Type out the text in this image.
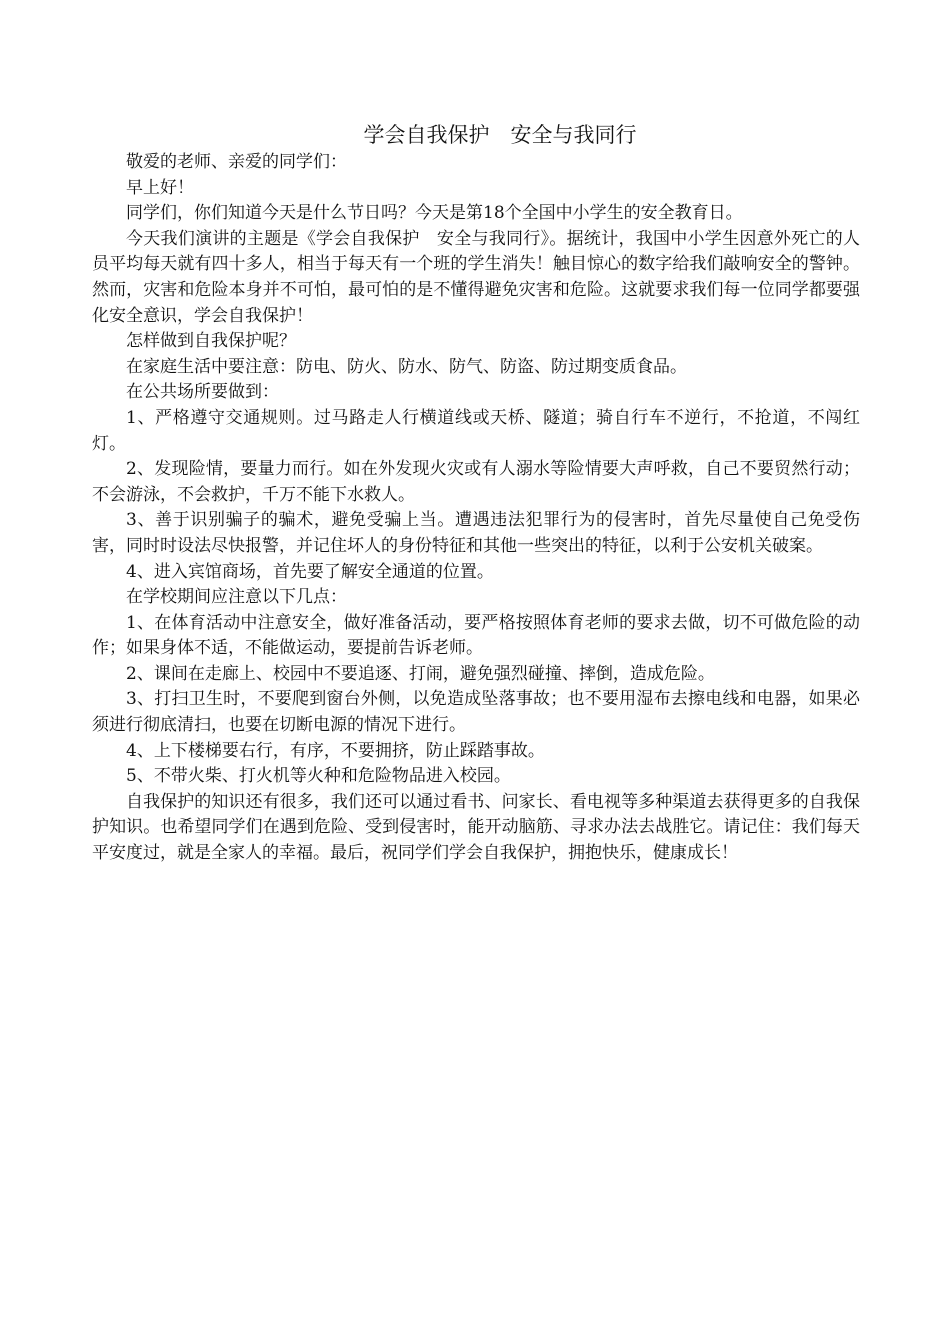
学会自我保护　安全与我同行

敬爱的老师、亲爱的同学们：

早上好！

同学们，你们知道今天是什么节日吗？今天是第18个全国中小学生的安全教育日。

今天我们演讲的主题是《学会自我保护　安全与我同行》。据统计，我国中小学生因意外死亡的人员平均每天就有四十多人，相当于每天有一个班的学生消失！触目惊心的数字给我们敲响安全的警钟。然而，灾害和危险本身并不可怕，最可怕的是不懂得避免灾害和危险。这就要求我们每一位同学都要强化安全意识，学会自我保护！

怎样做到自我保护呢？

在家庭生活中要注意：防电、防火、防水、防气、防盗、防过期变质食品。

在公共场所要做到：

1、严格遵守交通规则。过马路走人行横道线或天桥、隧道；骑自行车不逆行，不抢道，不闯红灯。

2、发现险情，要量力而行。如在外发现火灾或有人溺水等险情要大声呼救，自己不要贸然行动；不会游泳，不会救护，千万不能下水救人。

3、善于识别骗子的骗术，避免受骗上当。遭遇违法犯罪行为的侵害时，首先尽量使自己免受伤害，同时时设法尽快报警，并记住坏人的身份特征和其他一些突出的特征，以利于公安机关破案。

4、进入宾馆商场，首先要了解安全通道的位置。

在学校期间应注意以下几点：

1、在体育活动中注意安全，做好准备活动，要严格按照体育老师的要求去做，切不可做危险的动作；如果身体不适，不能做运动，要提前告诉老师。

2、课间在走廊上、校园中不要追逐、打闹，避免强烈碰撞、摔倒，造成危险。

3、打扫卫生时，不要爬到窗台外侧，以免造成坠落事故；也不要用湿布去擦电线和电器，如果必须进行彻底清扫，也要在切断电源的情况下进行。

4、上下楼梯要右行，有序，不要拥挤，防止踩踏事故。

5、不带火柴、打火机等火种和危险物品进入校园。

自我保护的知识还有很多，我们还可以通过看书、问家长、看电视等多种渠道去获得更多的自我保护知识。也希望同学们在遇到危险、受到侵害时，能开动脑筋、寻求办法去战胜它。请记住：我们每天平安度过，就是全家人的幸福。最后，祝同学们学会自我保护，拥抱快乐，健康成长！
